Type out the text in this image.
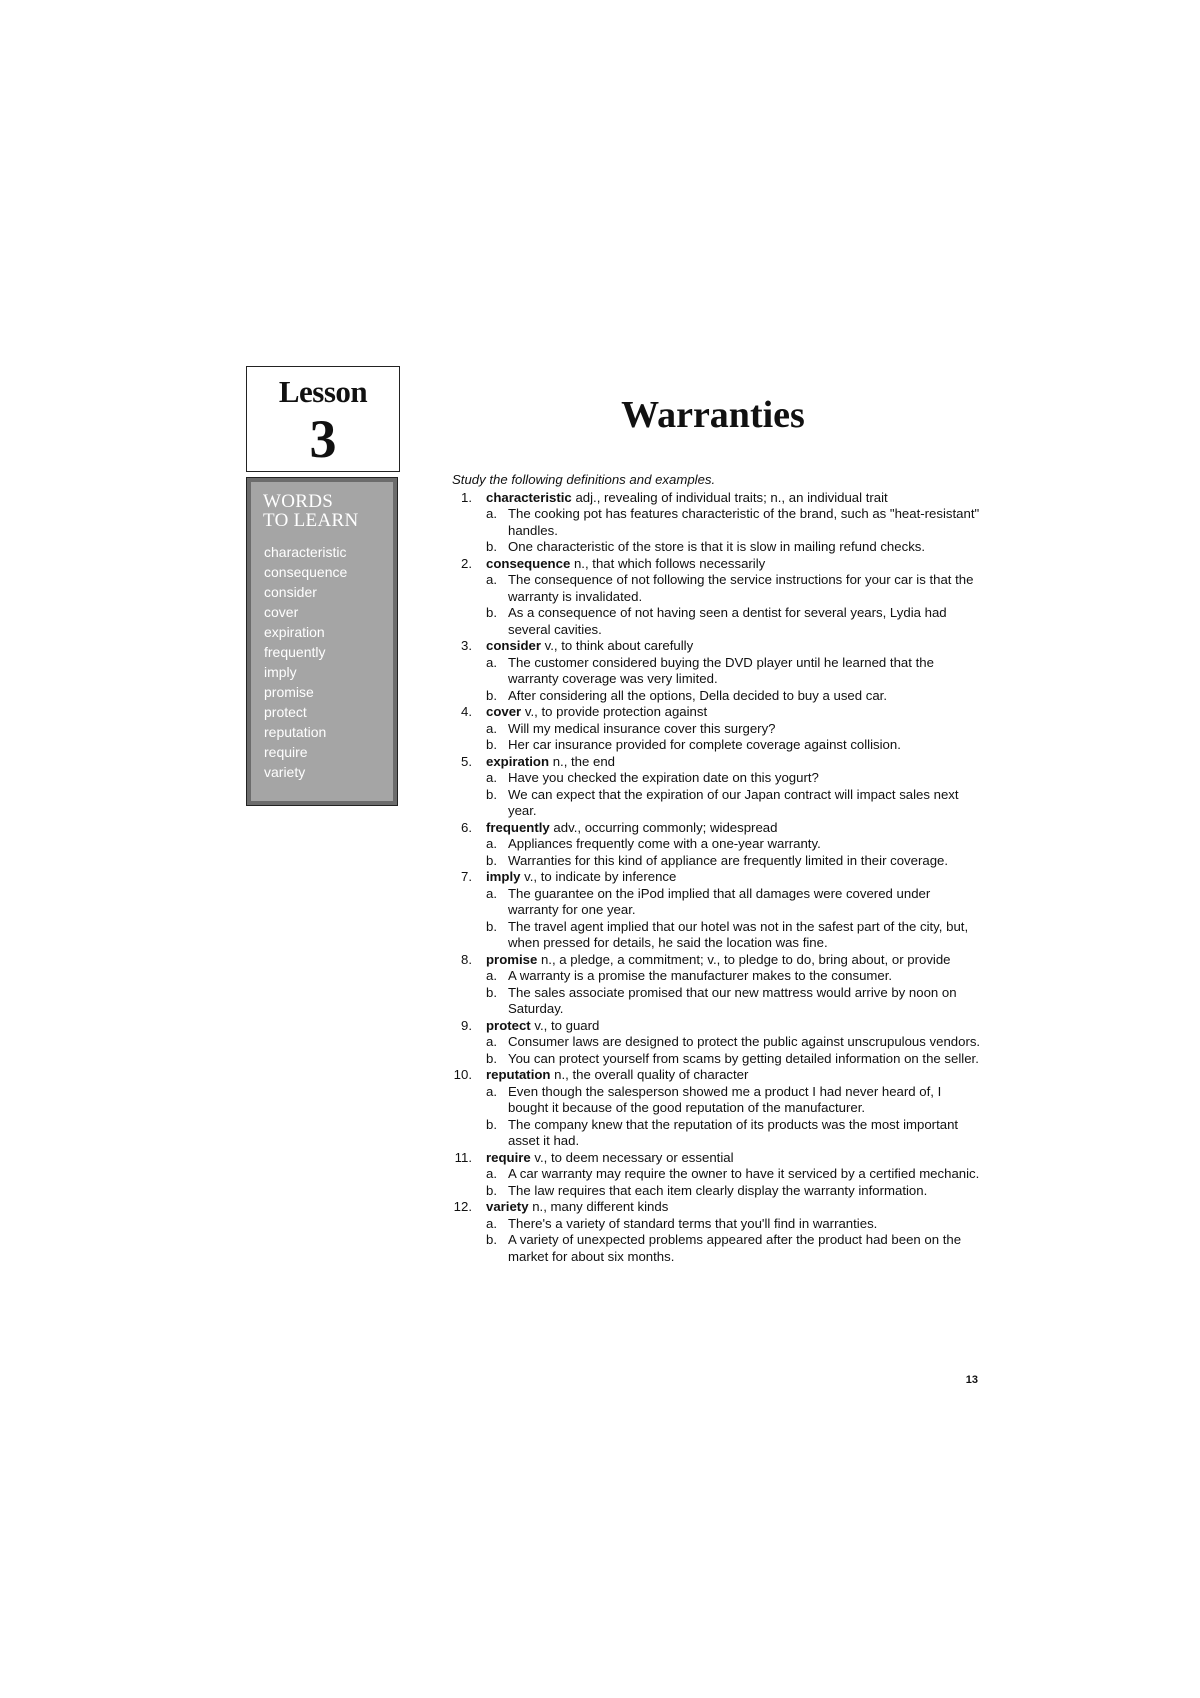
Lesson
3
WORDS
TO LEARN
characteristic
consequence
consider
cover
expiration
frequently
imply
promise
protect
reputation
require
variety
Warranties

Study the following definitions and examples.

1. characteristic adj., revealing of individual traits; n., an individual trait
a. The cooking pot has features characteristic of the brand, such as "heat-resistant" handles.
b. One characteristic of the store is that it is slow in mailing refund checks.
2. consequence n., that which follows necessarily
a. The consequence of not following the service instructions for your car is that the warranty is invalidated.
b. As a consequence of not having seen a dentist for several years, Lydia had several cavities.
3. consider v., to think about carefully
a. The customer considered buying the DVD player until he learned that the warranty coverage was very limited.
b. After considering all the options, Della decided to buy a used car.
4. cover v., to provide protection against
a. Will my medical insurance cover this surgery?
b. Her car insurance provided for complete coverage against collision.
5. expiration n., the end
a. Have you checked the expiration date on this yogurt?
b. We can expect that the expiration of our Japan contract will impact sales next year.
6. frequently adv., occurring commonly; widespread
a. Appliances frequently come with a one-year warranty.
b. Warranties for this kind of appliance are frequently limited in their coverage.
7. imply v., to indicate by inference
a. The guarantee on the iPod implied that all damages were covered under warranty for one year.
b. The travel agent implied that our hotel was not in the safest part of the city, but, when pressed for details, he said the location was fine.
8. promise n., a pledge, a commitment; v., to pledge to do, bring about, or provide
a. A warranty is a promise the manufacturer makes to the consumer.
b. The sales associate promised that our new mattress would arrive by noon on Saturday.
9. protect v., to guard
a. Consumer laws are designed to protect the public against unscrupulous vendors.
b. You can protect yourself from scams by getting detailed information on the seller.
10. reputation n., the overall quality of character
a. Even though the salesperson showed me a product I had never heard of, I bought it because of the good reputation of the manufacturer.
b. The company knew that the reputation of its products was the most important asset it had.
11. require v., to deem necessary or essential
a. A car warranty may require the owner to have it serviced by a certified mechanic.
b. The law requires that each item clearly display the warranty information.
12. variety n., many different kinds
a. There's a variety of standard terms that you'll find in warranties.
b. A variety of unexpected problems appeared after the product had been on the market for about six months.
13
